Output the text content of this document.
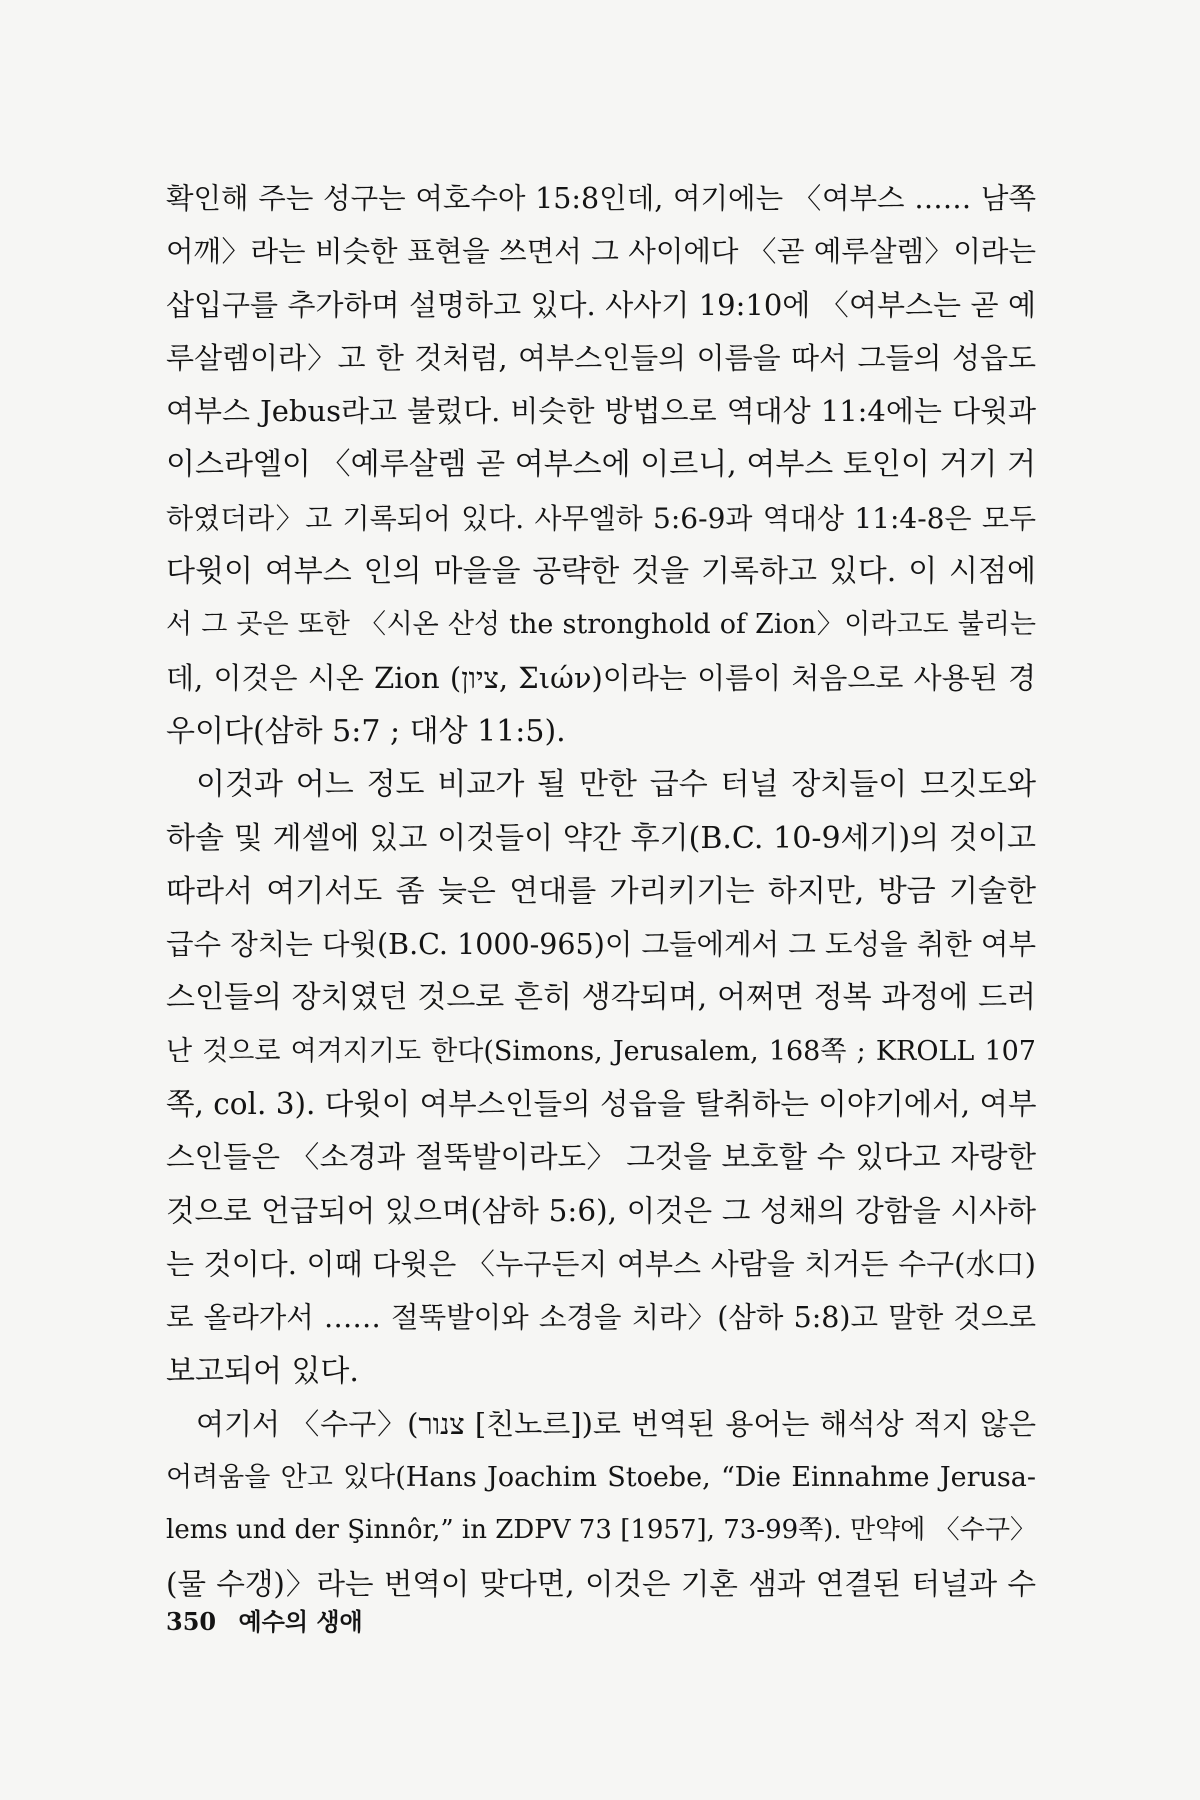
확인해 주는 성구는 여호수아 15:8인데, 여기에는 〈여부스 …… 남쪽
어깨〉라는 비슷한 표현을 쓰면서 그 사이에다 〈곧 예루살렘〉이라는
삽입구를 추가하며 설명하고 있다. 사사기 19:10에 〈여부스는 곧 예
루살렘이라〉고 한 것처럼, 여부스인들의 이름을 따서 그들의 성읍도
여부스 Jebus라고 불렀다. 비슷한 방법으로 역대상 11:4에는 다윗과
이스라엘이 〈예루살렘 곧 여부스에 이르니, 여부스 토인이 거기 거
하였더라〉고 기록되어 있다. 사무엘하 5:6-9과 역대상 11:4-8은 모두
다윗이 여부스 인의 마을을 공략한 것을 기록하고 있다. 이 시점에
서 그 곳은 또한 〈시온 산성 the stronghold of Zion〉이라고도 불리는
데, 이것은 시온 Zion (ציון, Σιών)이라는 이름이 처음으로 사용된 경
우이다(삼하 5:7 ; 대상 11:5).
이것과 어느 정도 비교가 될 만한 급수 터널 장치들이 므깃도와
하솔 및 게셀에 있고 이것들이 약간 후기(B.C. 10-9세기)의 것이고
따라서 여기서도 좀 늦은 연대를 가리키기는 하지만, 방금 기술한
급수 장치는 다윗(B.C. 1000-965)이 그들에게서 그 도성을 취한 여부
스인들의 장치였던 것으로 흔히 생각되며, 어쩌면 정복 과정에 드러
난 것으로 여겨지기도 한다(Simons, Jerusalem, 168쪽 ; KROLL 107
쪽, col. 3). 다윗이 여부스인들의 성읍을 탈취하는 이야기에서, 여부
스인들은 〈소경과 절뚝발이라도〉 그것을 보호할 수 있다고 자랑한
것으로 언급되어 있으며(삼하 5:6), 이것은 그 성채의 강함을 시사하
는 것이다. 이때 다윗은 〈누구든지 여부스 사람을 치거든 수구(水口)
로 올라가서 …… 절뚝발이와 소경을 치라〉(삼하 5:8)고 말한 것으로
보고되어 있다.
여기서 〈수구〉(צנור [친노르])로 번역된 용어는 해석상 적지 않은
어려움을 안고 있다(Hans Joachim Stoebe, “Die Einnahme Jerusa-
lems und der Şinnôr,” in ZDPV 73 [1957], 73-99쪽). 만약에 〈수구〉
(물 수갱)〉라는 번역이 맞다면, 이것은 기혼 샘과 연결된 터널과 수
350 예수의 생애
